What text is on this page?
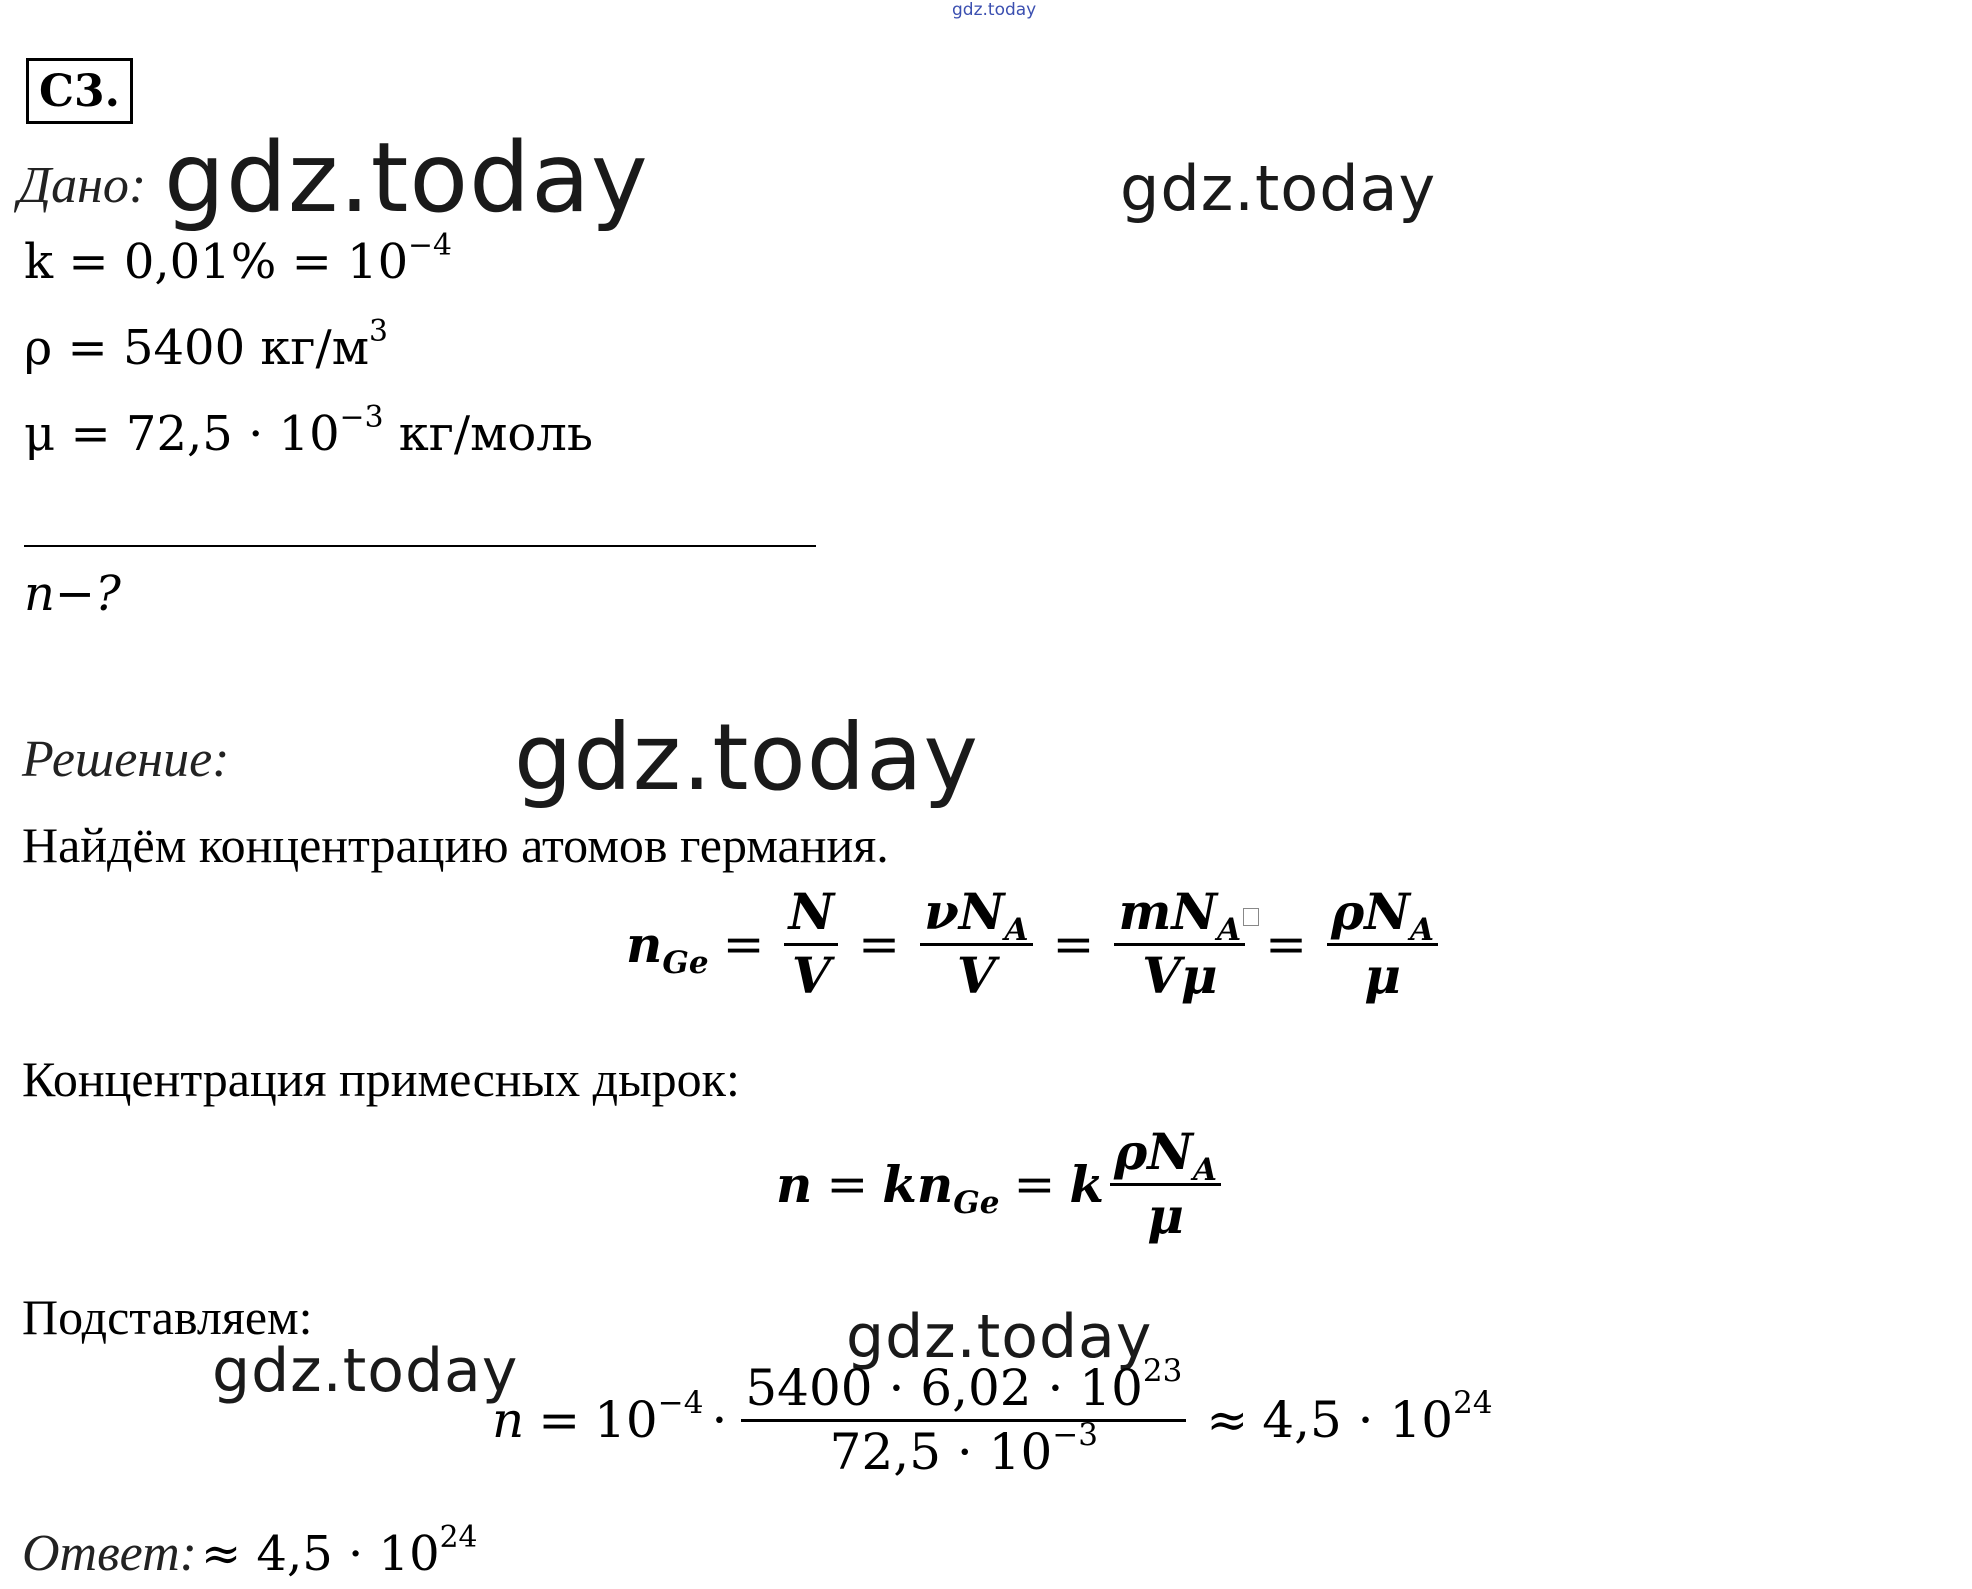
gdz.today
C3.
Дано: gdz.today	gdz.today
$k = 0,01\% = 10^{-4}$
ρ = 5400 $кг/м^3$
$\mu = 72,5 \cdot 10^{-3}$ кг/моль
n−?
Решение:	gdz.today
Найдём концентрацию атомов германия.
$n_{Ge} = \frac{N}{V} = \frac{\nu N_A}{V} = \frac{mN_A}{V\mu} = \frac{\rho N_A}{\mu}$
Концентрация примесных дырок:
$n = kn_{Ge} = k \frac{\rho N_A}{\mu}$
Подставляем:	gdz.today
gdz.today
$n = 10^{-4} \cdot \frac{5400 \cdot 6,02 \cdot 10^{23}}{72,5 \cdot 10^{-3}} \approx 4,5 \cdot 10^{24}$
Ответ: ≈ $4,5 \cdot 10^{24}$
